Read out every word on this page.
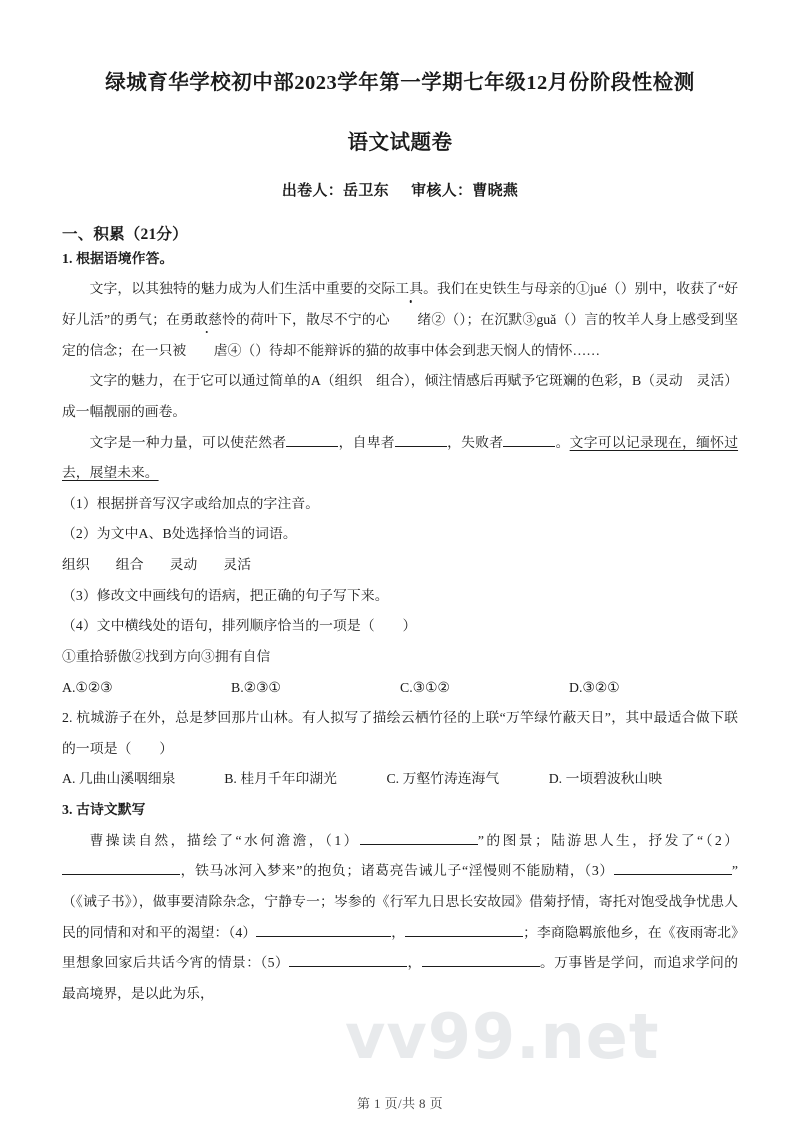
vv99.net
绿城育华学校初中部2023学年第一学期七年级12月份阶段性检测
语文试题卷

出卷人：岳卫东 审核人：曹晓燕

一、积累（21分）

1. 根据语境作答。

文字，以其独特的魅力成为人们生活中重要的交际工具。我们在史铁生与母亲的①jué（）别中，收获了“好好儿活”的勇气；在勇敢慈怜的荷叶下，散尽不宁的心 绪②（）；在沉默③guǎ（）言的牧羊人身上感受到坚定的信念；在一只被 虐④（）待却不能辩诉的猫的故事中体会到悲天悯人的情怀……

文字的魅力，在于它可以通过简单的A（组织　组合），倾注情感后再赋予它斑斓的色彩，B（灵动　灵活）成一幅靓丽的画卷。

文字是一种力量，可以使茫然者	，自卑者	，失败者	。文字可以记录现在，缅怀过去，展望未来。

（1）根据拼音写汉字或给加点的字注音。

（2）为文中A、B处选择恰当的词语。

组织 组合 灵动 灵活

（3）修改文中画线句的语病，把正确的句子写下来。

（4）文中横线处的语句，排列顺序恰当的一项是（　　）

①重拾骄傲②找到方向③拥有自信

A.①②③	B.②③①	C.③①②	D.③②①

2. 杭城游子在外，总是梦回那片山林。有人拟写了描绘云栖竹径的上联“万竿绿竹蔽天日”，其中最适合做下联的一项是（　　）

A. 几曲山溪咽细泉	B. 桂月千年印湖光	C. 万壑竹涛连海气	D. 一顷碧波秋山映

3. 古诗文默写

曹操读自然，描绘了“水何澹澹，（1）	”的图景；陆游思人生，抒发了“（2），铁马冰河入梦来”的抱负；诸葛亮告诫儿子“淫慢则不能励精，（3）	”（《诫子书》），做事要清除杂念，宁静专一；岑参的《行军九日思长安故园》借菊抒情，寄托对饱受战争忧患人民的同情和对和平的渴望：（4）	，	；李商隐羁旅他乡，在《夜雨寄北》里想象回家后共话今宵的情景：（5）	，	。万事皆是学问，而追求学问的最高境界，是以此为乐，

第 1 页/共 8 页
